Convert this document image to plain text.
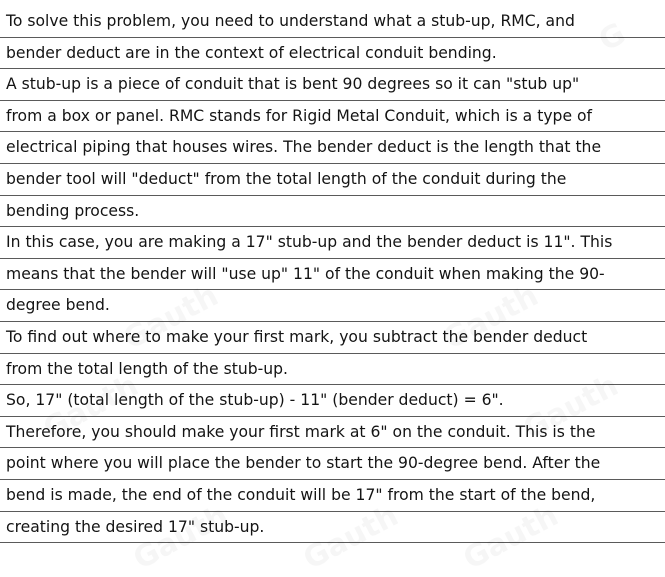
To solve this problem, you need to understand what a stub-up, RMC, and
bender deduct are in the context of electrical conduit bending.
A stub-up is a piece of conduit that is bent 90 degrees so it can "stub up"
from a box or panel. RMC stands for Rigid Metal Conduit, which is a type of
electrical piping that houses wires. The bender deduct is the length that the
bender tool will "deduct" from the total length of the conduit during the
bending process.
In this case, you are making a 17" stub-up and the bender deduct is 11". This
means that the bender will "use up" 11" of the conduit when making the 90-
degree bend.
To find out where to make your first mark, you subtract the bender deduct
from the total length of the stub-up.
So, 17" (total length of the stub-up) - 11" (bender deduct) = 6".
Therefore, you should make your first mark at 6" on the conduit. This is the
point where you will place the bender to start the 90-degree bend. After the
bend is made, the end of the conduit will be 17" from the start of the bend,
creating the desired 17" stub-up.
